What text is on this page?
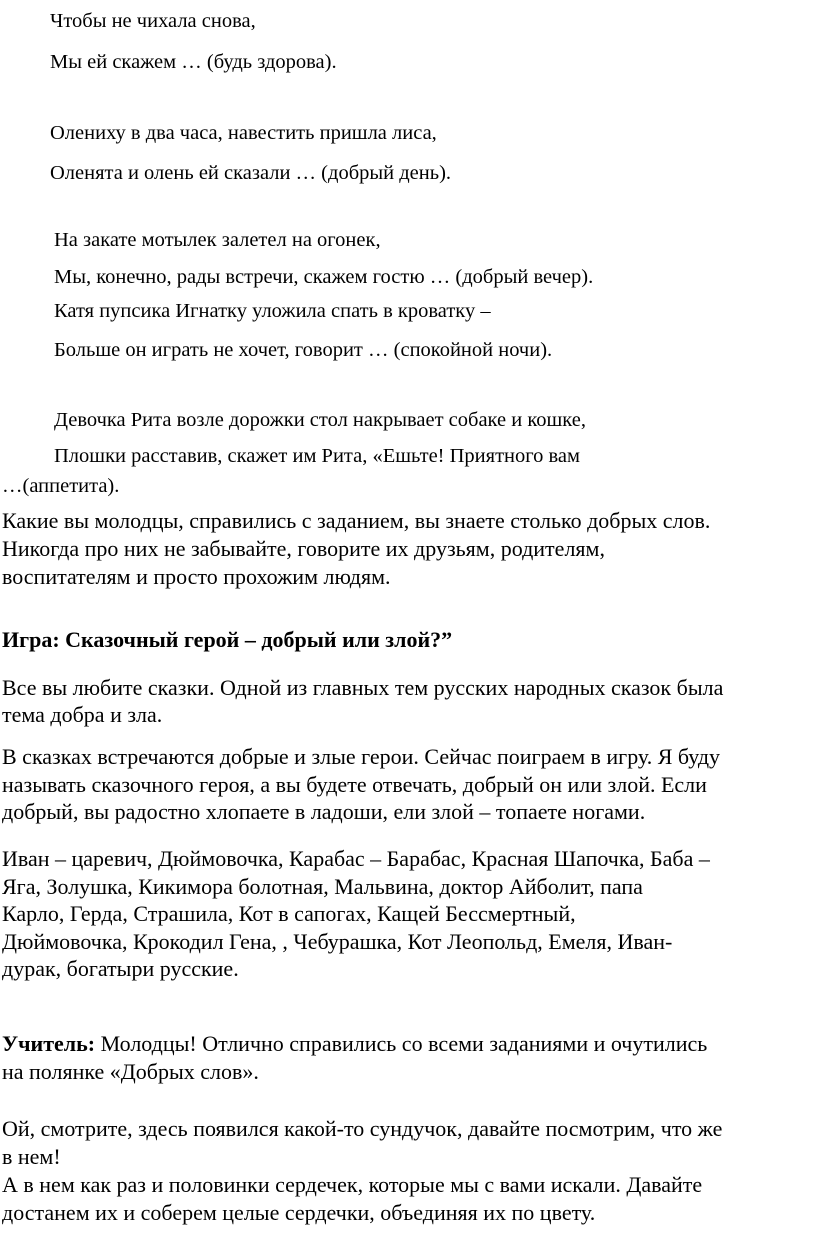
Чтобы не чихала снова,
Мы ей скажем … (будь здорова).
Олениху в два часа, навестить пришла лиса,
Оленята и олень ей сказали … (добрый день).
На закате мотылек залетел на огонек,
Мы, конечно, рады встречи, скажем гостю … (добрый вечер).
Катя пупсика Игнатку уложила спать в кроватку –
Больше он играть не хочет, говорит … (спокойной ночи).
Девочка Рита возле дорожки стол накрывает собаке и кошке,
Плошки расставив, скажет им Рита, «Ешьте! Приятного вам
…(аппетита).
Какие вы молодцы, справились с заданием, вы знаете столько добрых слов.
Никогда про них не забывайте, говорите их друзьям, родителям,
воспитателям и просто прохожим людям.
Игра: Сказочный герой – добрый или злой?”
Все вы любите сказки. Одной из главных тем русских народных сказок была
тема добра и зла.
В сказках встречаются добрые и злые герои. Сейчас поиграем в игру. Я буду
называть сказочного героя, а вы будете отвечать, добрый он или злой. Если
добрый, вы радостно хлопаете в ладоши, ели злой – топаете ногами.
Иван – царевич, Дюймовочка, Карабас – Барабас, Красная Шапочка, Баба –
Яга, Золушка, Кикимора болотная, Мальвина, доктор Айболит, папа
Карло, Герда, Страшила, Кот в сапогах, Кащей Бессмертный,
Дюймовочка, Крокодил Гена, , Чебурашка, Кот Леопольд, Емеля, Иван-
дурак, богатыри русские.
Учитель: Молодцы! Отлично справились со всеми заданиями и очутились
на полянке «Добрых слов».
Ой, смотрите, здесь появился какой-то сундучок, давайте посмотрим, что же
в нем!
А в нем как раз и половинки сердечек, которые мы с вами искали. Давайте
достанем их и соберем целые сердечки, объединяя их по цвету.
